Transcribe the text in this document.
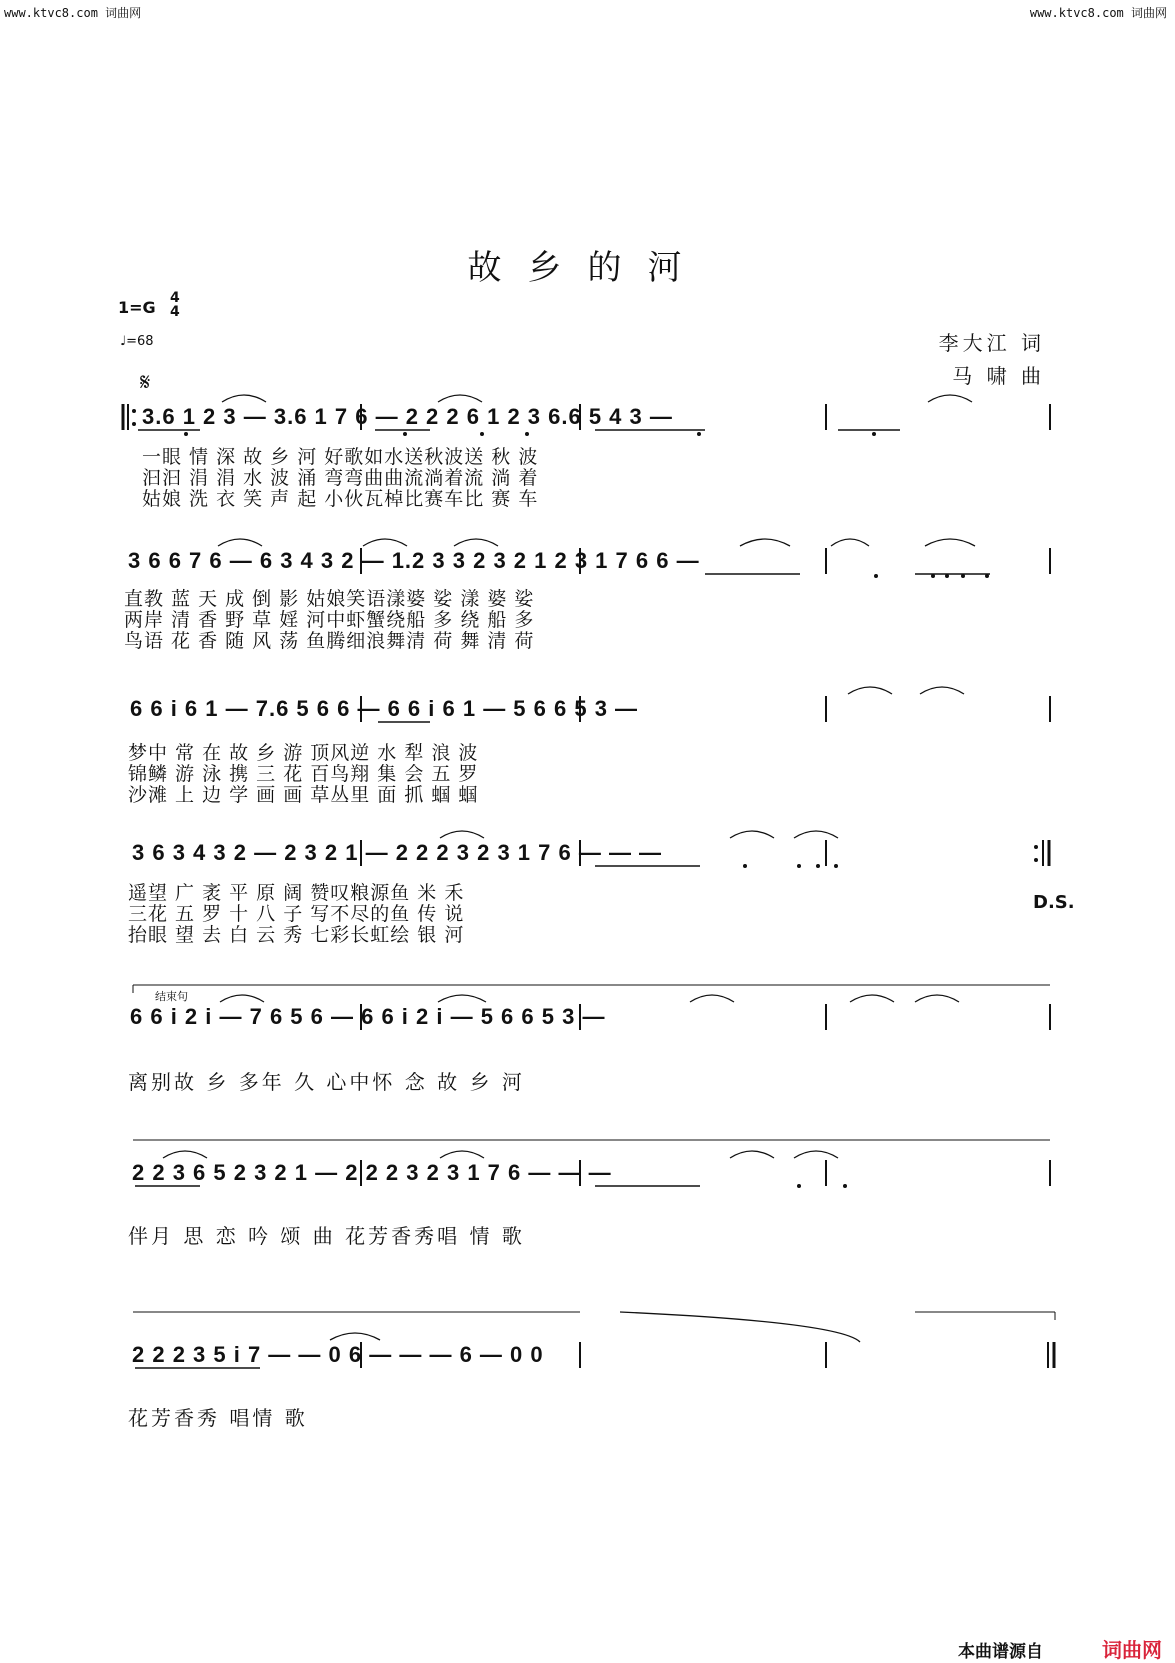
www.ktvc8.com 词曲网	www.ktvc8.com 词曲网
故乡的河
1=G 4
4
♩=68	李大江 词
马 啸 曲
𝄋
3.6 1 2 3 — 3.6 1 7 6 — 2 2 2 6 1 2 3 6.6 5 4 3 —
一眼 情 深 故 乡 河 好歌如水送秋波送 秋 波
汩汩 涓 涓 水 波 涌 弯弯曲曲流淌着流 淌 着
姑娘 洗 衣 笑 声 起 小伙瓦棹比赛车比 赛 车
3 6 6 7 6 — 6 3 4 3 2 — 1.2 3 3 2 3 2 1 2 3 1 7 6 6 —
直教 蓝 天 成 倒 影 姑娘笑语漾婆 娑 漾 婆 娑
两岸 清 香 野 草 婬 河中虾蟹绕船 多 绕 船 多
鸟语 花 香 随 风 荡 鱼腾细浪舞清 荷 舞 清 荷
6 6 i 6 1 — 7.6 5 6 6 — 6 6 i 6 1 — 5 6 6 5 3 —
梦中 常 在 故 乡 游 顶风逆 水 犁 浪 波
锦鳞 游 泳 携 三 花 百鸟翔 集 会 五 罗
沙滩 上 边 学 画 画 草丛里 面 抓 蝈 蝈
3 6 3 4 3 2 — 2 3 2 1 — 2 2 2 3 2 3 1 7 6 — — —
遥望 广 袤 平 原 阔 赞叹粮源鱼 米 禾
三花 五 罗 十 八 子 写不尽的鱼 传 说
抬眼 望 去 白 云 秀 七彩长虹绘 银 河
D.S.
结束句
6 6 i 2 i — 7 6 5 6 — 6 6 i 2 i — 5 6 6 5 3 —
离别故 乡 多年 久 心中怀 念 故 乡 河
2 2 3 6 5 2 3 2 1 — 2 2 2 3 2 3 1 7 6 — — —
伴月 思 恋 吟 颂 曲 花芳香秀唱 情 歌
2 2 2 3 5 i 7 — — 0 6 — — — 6 — 0 0
花芳香秀 唱情 歌
本曲谱源自	词曲网
